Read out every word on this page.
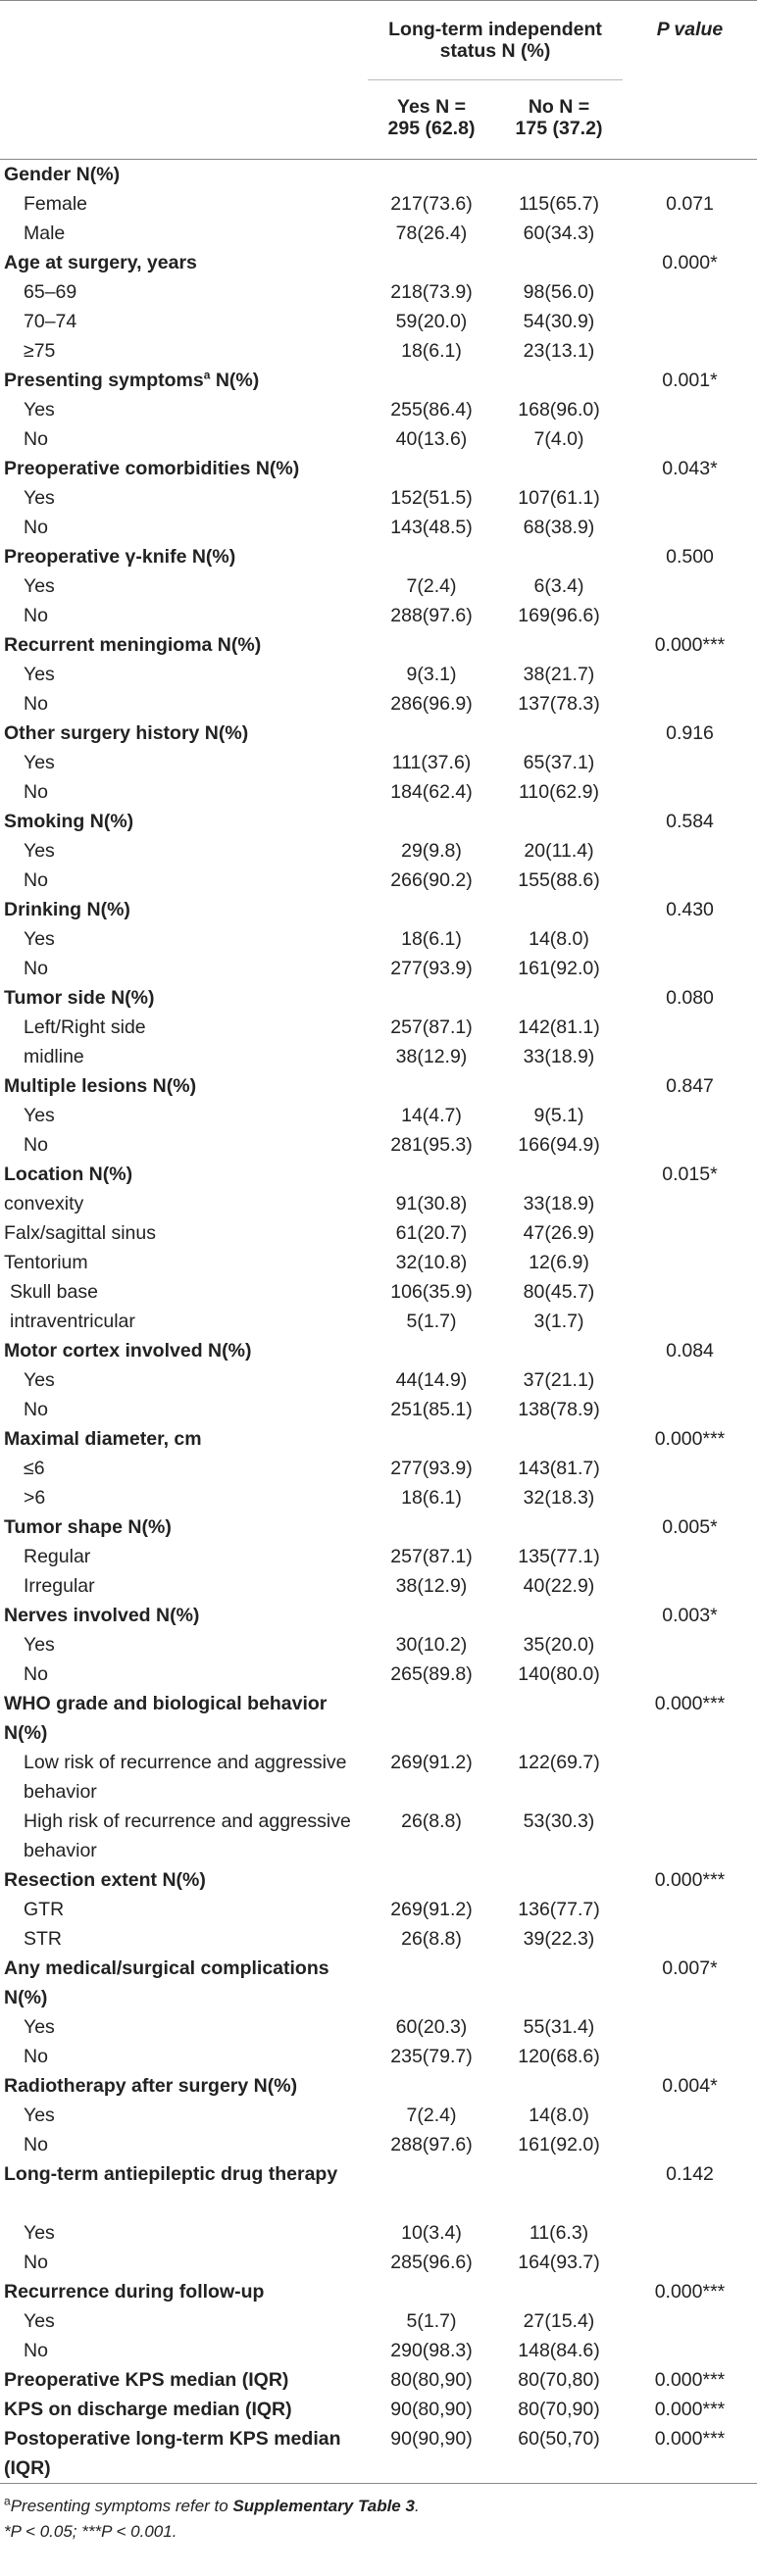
	Long-term independent status N (%)		P value
	Yes N = 295 (62.8)	No N = 175 (37.2)	
Gender N(%)			
Female	217(73.6)	115(65.7)	0.071
Male	78(26.4)	60(34.3)	
Age at surgery, years			0.000*
65–69	218(73.9)	98(56.0)	
70–74	59(20.0)	54(30.9)	
≥75	18(6.1)	23(13.1)	
Presenting symptoms$^a$ N(%)			0.001*
Yes	255(86.4)	168(96.0)	
No	40(13.6)	7(4.0)	
Preoperative comorbidities N(%)			0.043*
Yes	152(51.5)	107(61.1)	
No	143(48.5)	68(38.9)	
Preoperative γ-knife N(%)			0.500
Yes	7(2.4)	6(3.4)	
No	288(97.6)	169(96.6)	
Recurrent meningioma N(%)			0.000***
Yes	9(3.1)	38(21.7)	
No	286(96.9)	137(78.3)	
Other surgery history N(%)			0.916
Yes	111(37.6)	65(37.1)	
No	184(62.4)	110(62.9)	
Smoking N(%)			0.584
Yes	29(9.8)	20(11.4)	
No	266(90.2)	155(88.6)	
Drinking N(%)			0.430
Yes	18(6.1)	14(8.0)	
No	277(93.9)	161(92.0)	
Tumor side N(%)			0.080
Left/Right side	257(87.1)	142(81.1)	
midline	38(12.9)	33(18.9)	
Multiple lesions N(%)			0.847
Yes	14(4.7)	9(5.1)	
No	281(95.3)	166(94.9)	
Location N(%)			0.015*
convexity	91(30.8)	33(18.9)	
Falx/sagittal sinus	61(20.7)	47(26.9)	
Tentorium	32(10.8)	12(6.9)	
Skull base	106(35.9)	80(45.7)	
intraventricular	5(1.7)	3(1.7)	
Motor cortex involved N(%)			0.084
Yes	44(14.9)	37(21.1)	
No	251(85.1)	138(78.9)	
Maximal diameter, cm			0.000***
≤6	277(93.9)	143(81.7)	
>6	18(6.1)	32(18.3)	
Tumor shape N(%)			0.005*
Regular	257(87.1)	135(77.1)	
Irregular	38(12.9)	40(22.9)	
Nerves involved N(%)			0.003*
Yes	30(10.2)	35(20.0)	
No	265(89.8)	140(80.0)	
WHO grade and biological behavior N(%)			0.000***
Low risk of recurrence and aggressive behavior	269(91.2)	122(69.7)	
High risk of recurrence and aggressive behavior	26(8.8)	53(30.3)	
Resection extent N(%)			0.000***
GTR	269(91.2)	136(77.7)	
STR	26(8.8)	39(22.3)	
Any medical/surgical complications N(%)			0.007*
Yes	60(20.3)	55(31.4)	
No	235(79.7)	120(68.6)	
Radiotherapy after surgery N(%)			0.004*
Yes	7(2.4)	14(8.0)	
No	288(97.6)	161(92.0)	
Long-term antiepileptic drug therapy			0.142
Yes	10(3.4)	11(6.3)	
No	285(96.6)	164(93.7)	
Recurrence during follow-up			0.000***
Yes	5(1.7)	27(15.4)	
No	290(98.3)	148(84.6)	
Preoperative KPS median (IQR)	80(80,90)	80(70,80)	0.000***
KPS on discharge median (IQR)	90(80,90)	80(70,90)	0.000***
Postoperative long-term KPS median (IQR)	90(90,90)	60(50,70)	0.000***
$^a$Presenting symptoms refer to Supplementary Table 3.
*P < 0.05; ***P < 0.001.
